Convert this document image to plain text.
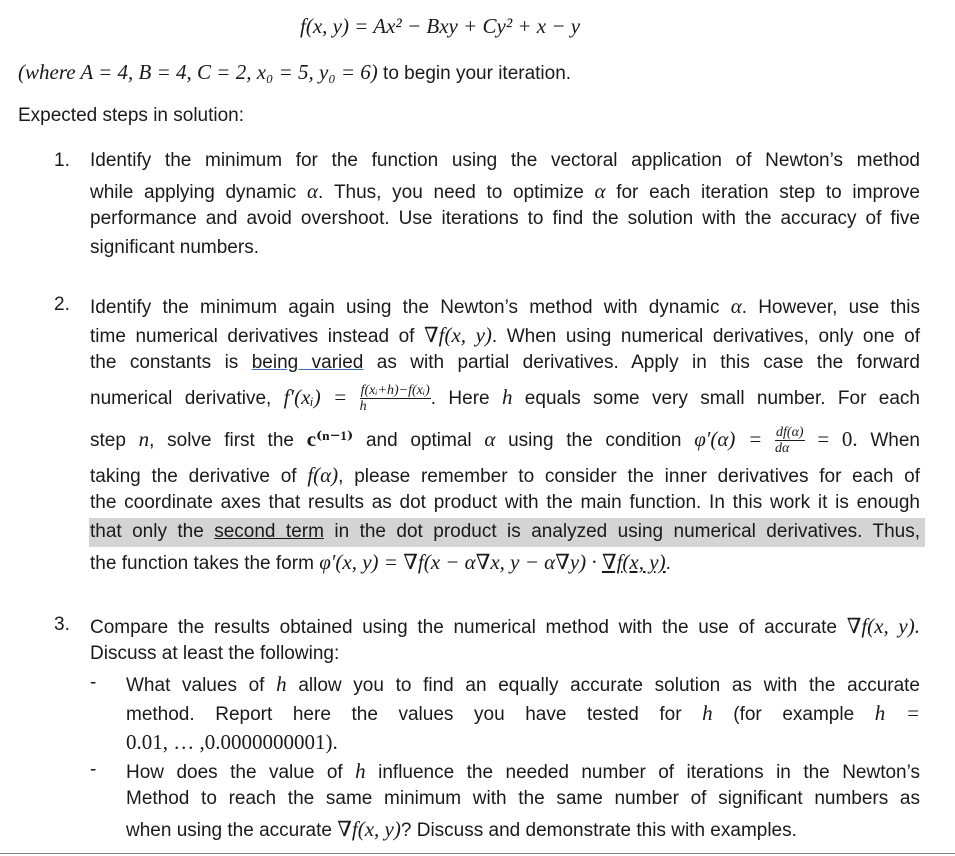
f(x, y) = Ax² − Bxy + Cy² + x − y
(where A = 4, B = 4, C = 2, x₀ = 5, y₀ = 6) to begin your iteration.
Expected steps in solution:
1. Identify the minimum for the function using the vectoral application of Newton’s method
while applying dynamic α. Thus, you need to optimize α for each iteration step to improve
performance and avoid overshoot. Use iterations to find the solution with the accuracy of five
significant numbers.
2. Identify the minimum again using the Newton’s method with dynamic α. However, use this
time numerical derivatives instead of ∇f(x, y). When using numerical derivatives, only one of
the constants is being varied as with partial derivatives. Apply in this case the forward
numerical derivative, f′(xᵢ) = $\frac{\text{f(xᵢ+h)−f(xᵢ)}}{h}$ . Here h equals some very small number. For each
step n, solve first the c⁽ⁿ⁻¹⁾ and optimal α using the condition $\varphi'(\alpha) = \frac{df(\alpha)}{d\alpha} = 0$. When
taking the derivative of f(α), please remember to consider the inner derivatives for each of
the coordinate axes that results as dot product with the main function. In this work it is enough
that only the second term in the dot product is analyzed using numerical derivatives. Thus,
the function takes the form φ′(x, y) = ∇f(x − α∇x, y − α∇y) · ∇f(x, y).
3. Compare the results obtained using the numerical method with the use of accurate ∇f(x, y).
Discuss at least the following:
- What values of h allow you to find an equally accurate solution as with the accurate
method. Report here the values you have tested for h (for example h =
0.01, … ,0.0000000001).
- How does the value of h influence the needed number of iterations in the Newton’s
Method to reach the same minimum with the same number of significant numbers as
when using the accurate ∇f(x, y)? Discuss and demonstrate this with examples.
